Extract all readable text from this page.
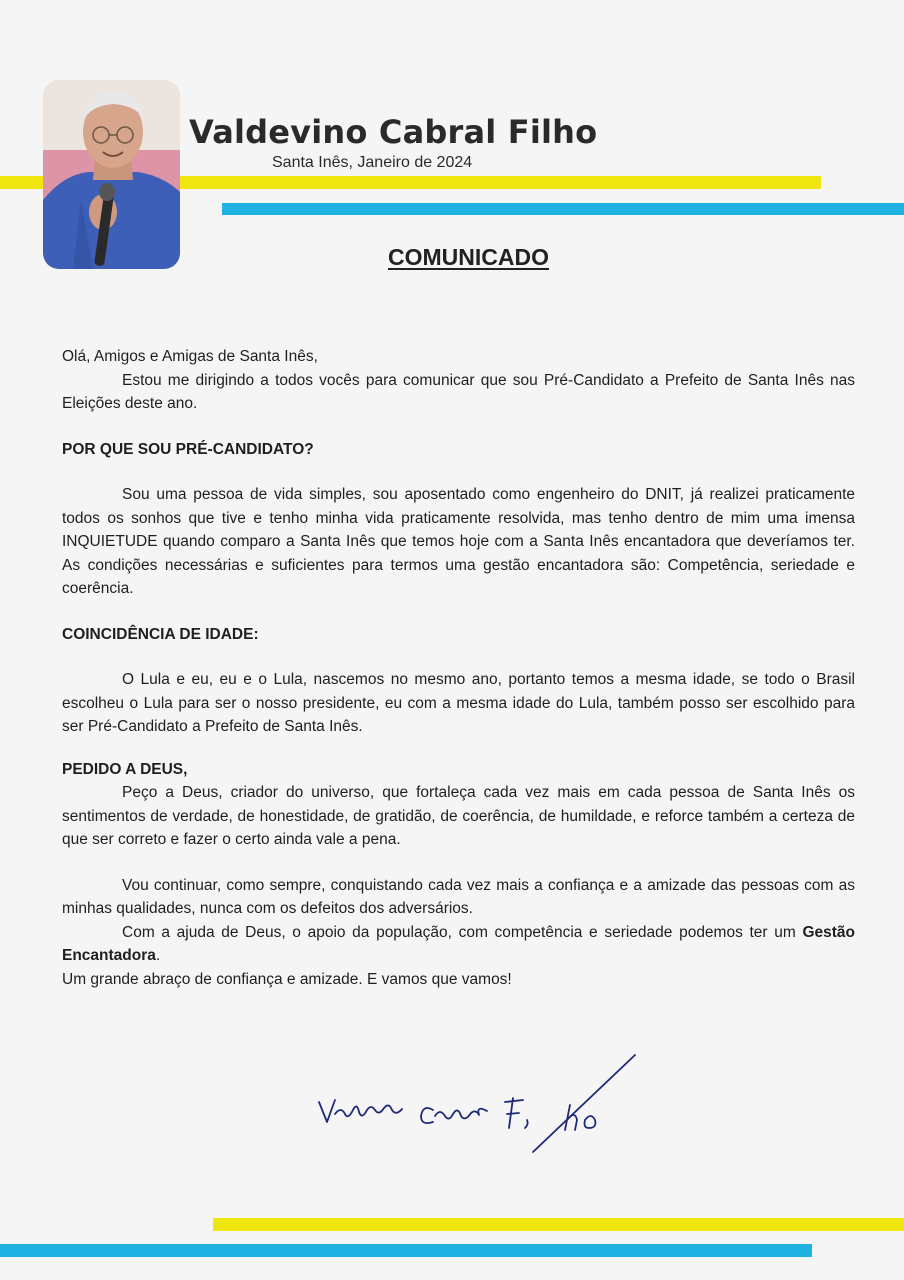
Valdevino Cabral Filho
Santa Inês, Janeiro de 2024
COMUNICADO

Olá, Amigos e Amigas de Santa Inês,

Estou me dirigindo a todos vocês para comunicar que sou Pré-Candidato a Prefeito de Santa Inês nas Eleições deste ano.

POR QUE SOU PRÉ-CANDIDATO?

Sou uma pessoa de vida simples, sou aposentado como engenheiro do DNIT, já realizei praticamente todos os sonhos que tive e tenho minha vida praticamente resolvida, mas tenho dentro de mim uma imensa INQUIETUDE quando comparo a Santa Inês que temos hoje com a Santa Inês encantadora que deveríamos ter. As condições necessárias e suficientes para termos uma gestão encantadora são: Competência, seriedade e coerência.

COINCIDÊNCIA DE IDADE:

O Lula e eu, eu e o Lula, nascemos no mesmo ano, portanto temos a mesma idade, se todo o Brasil escolheu o Lula para ser o nosso presidente, eu com a mesma idade do Lula, também posso ser escolhido para ser Pré-Candidato a Prefeito de Santa Inês.

PEDIDO A DEUS,

Peço a Deus, criador do universo, que fortaleça cada vez mais em cada pessoa de Santa Inês os sentimentos de verdade, de honestidade, de gratidão, de coerência, de humildade, e reforce também a certeza de que ser correto e fazer o certo ainda vale a pena.

Vou continuar, como sempre, conquistando cada vez mais a confiança e a amizade das pessoas com as minhas qualidades, nunca com os defeitos dos adversários.

Com a ajuda de Deus, o apoio da população, com competência e seriedade podemos ter um Gestão Encantadora.

Um grande abraço de confiança e amizade. E vamos que vamos!
